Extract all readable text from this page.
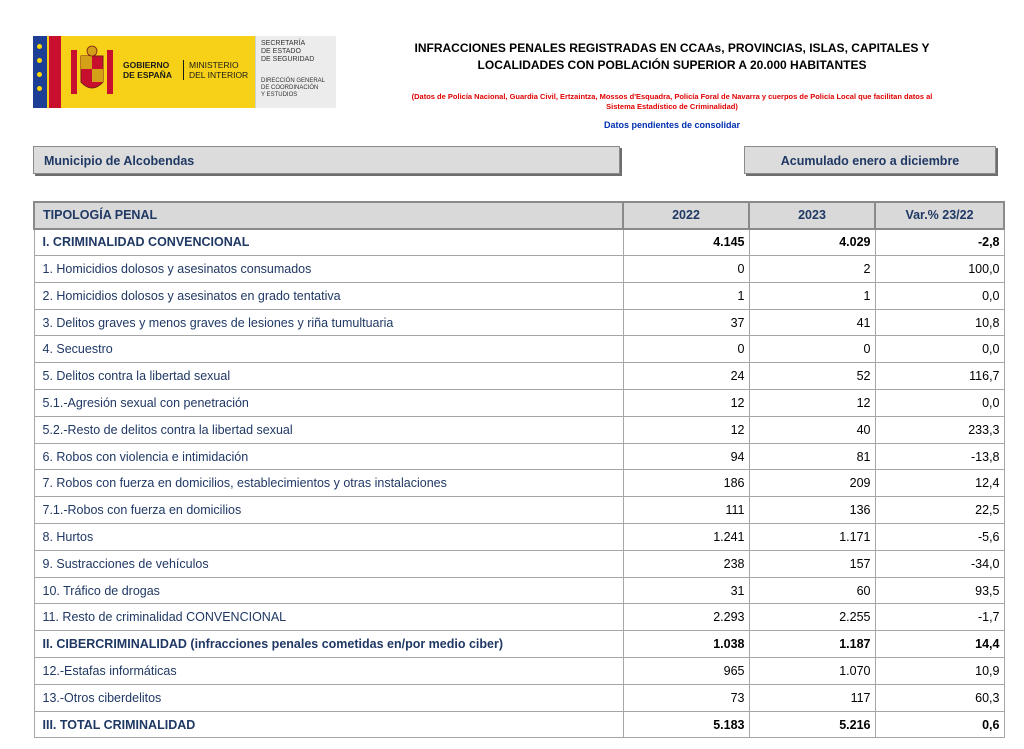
GOBIERNO
DE ESPAÑA
MINISTERIO
DEL INTERIOR
SECRETARÍA
DE ESTADO
DE SEGURIDAD
DIRECCIÓN GENERAL
DE COORDINACIÓN
Y ESTUDIOS
INFRACCIONES PENALES REGISTRADAS EN CCAAs, PROVINCIAS, ISLAS, CAPITALES Y LOCALIDADES CON POBLACIÓN SUPERIOR A 20.000 HABITANTES
(Datos de Policía Nacional, Guardia Civil, Ertzaintza, Mossos d'Esquadra, Policía Foral de Navarra y cuerpos de Policía Local que facilitan datos al Sistema Estadístico de Criminalidad)
Datos pendientes de consolidar
Municipio de Alcobendas	Acumulado enero a diciembre
TIPOLOGÍA PENAL	2022	2023	Var.% 23/22
I. CRIMINALIDAD CONVENCIONAL	4.145	4.029	-2,8
1. Homicidios dolosos y asesinatos consumados	0	2	100,0
2. Homicidios dolosos y asesinatos en grado tentativa	1	1	0,0
3. Delitos graves y menos graves de lesiones y riña tumultuaria	37	41	10,8
4. Secuestro	0	0	0,0
5. Delitos contra la libertad sexual	24	52	116,7
5.1.-Agresión sexual con penetración	12	12	0,0
5.2.-Resto de delitos contra la libertad sexual	12	40	233,3
6. Robos con violencia e intimidación	94	81	-13,8
7. Robos con fuerza en domicilios, establecimientos y otras instalaciones	186	209	12,4
7.1.-Robos con fuerza en domicilios	111	136	22,5
8. Hurtos	1.241	1.171	-5,6
9. Sustracciones de vehículos	238	157	-34,0
10. Tráfico de drogas	31	60	93,5
11. Resto de criminalidad CONVENCIONAL	2.293	2.255	-1,7
II. CIBERCRIMINALIDAD (infracciones penales cometidas en/por medio ciber)	1.038	1.187	14,4
12.-Estafas informáticas	965	1.070	10,9
13.-Otros ciberdelitos	73	117	60,3
III. TOTAL CRIMINALIDAD	5.183	5.216	0,6
